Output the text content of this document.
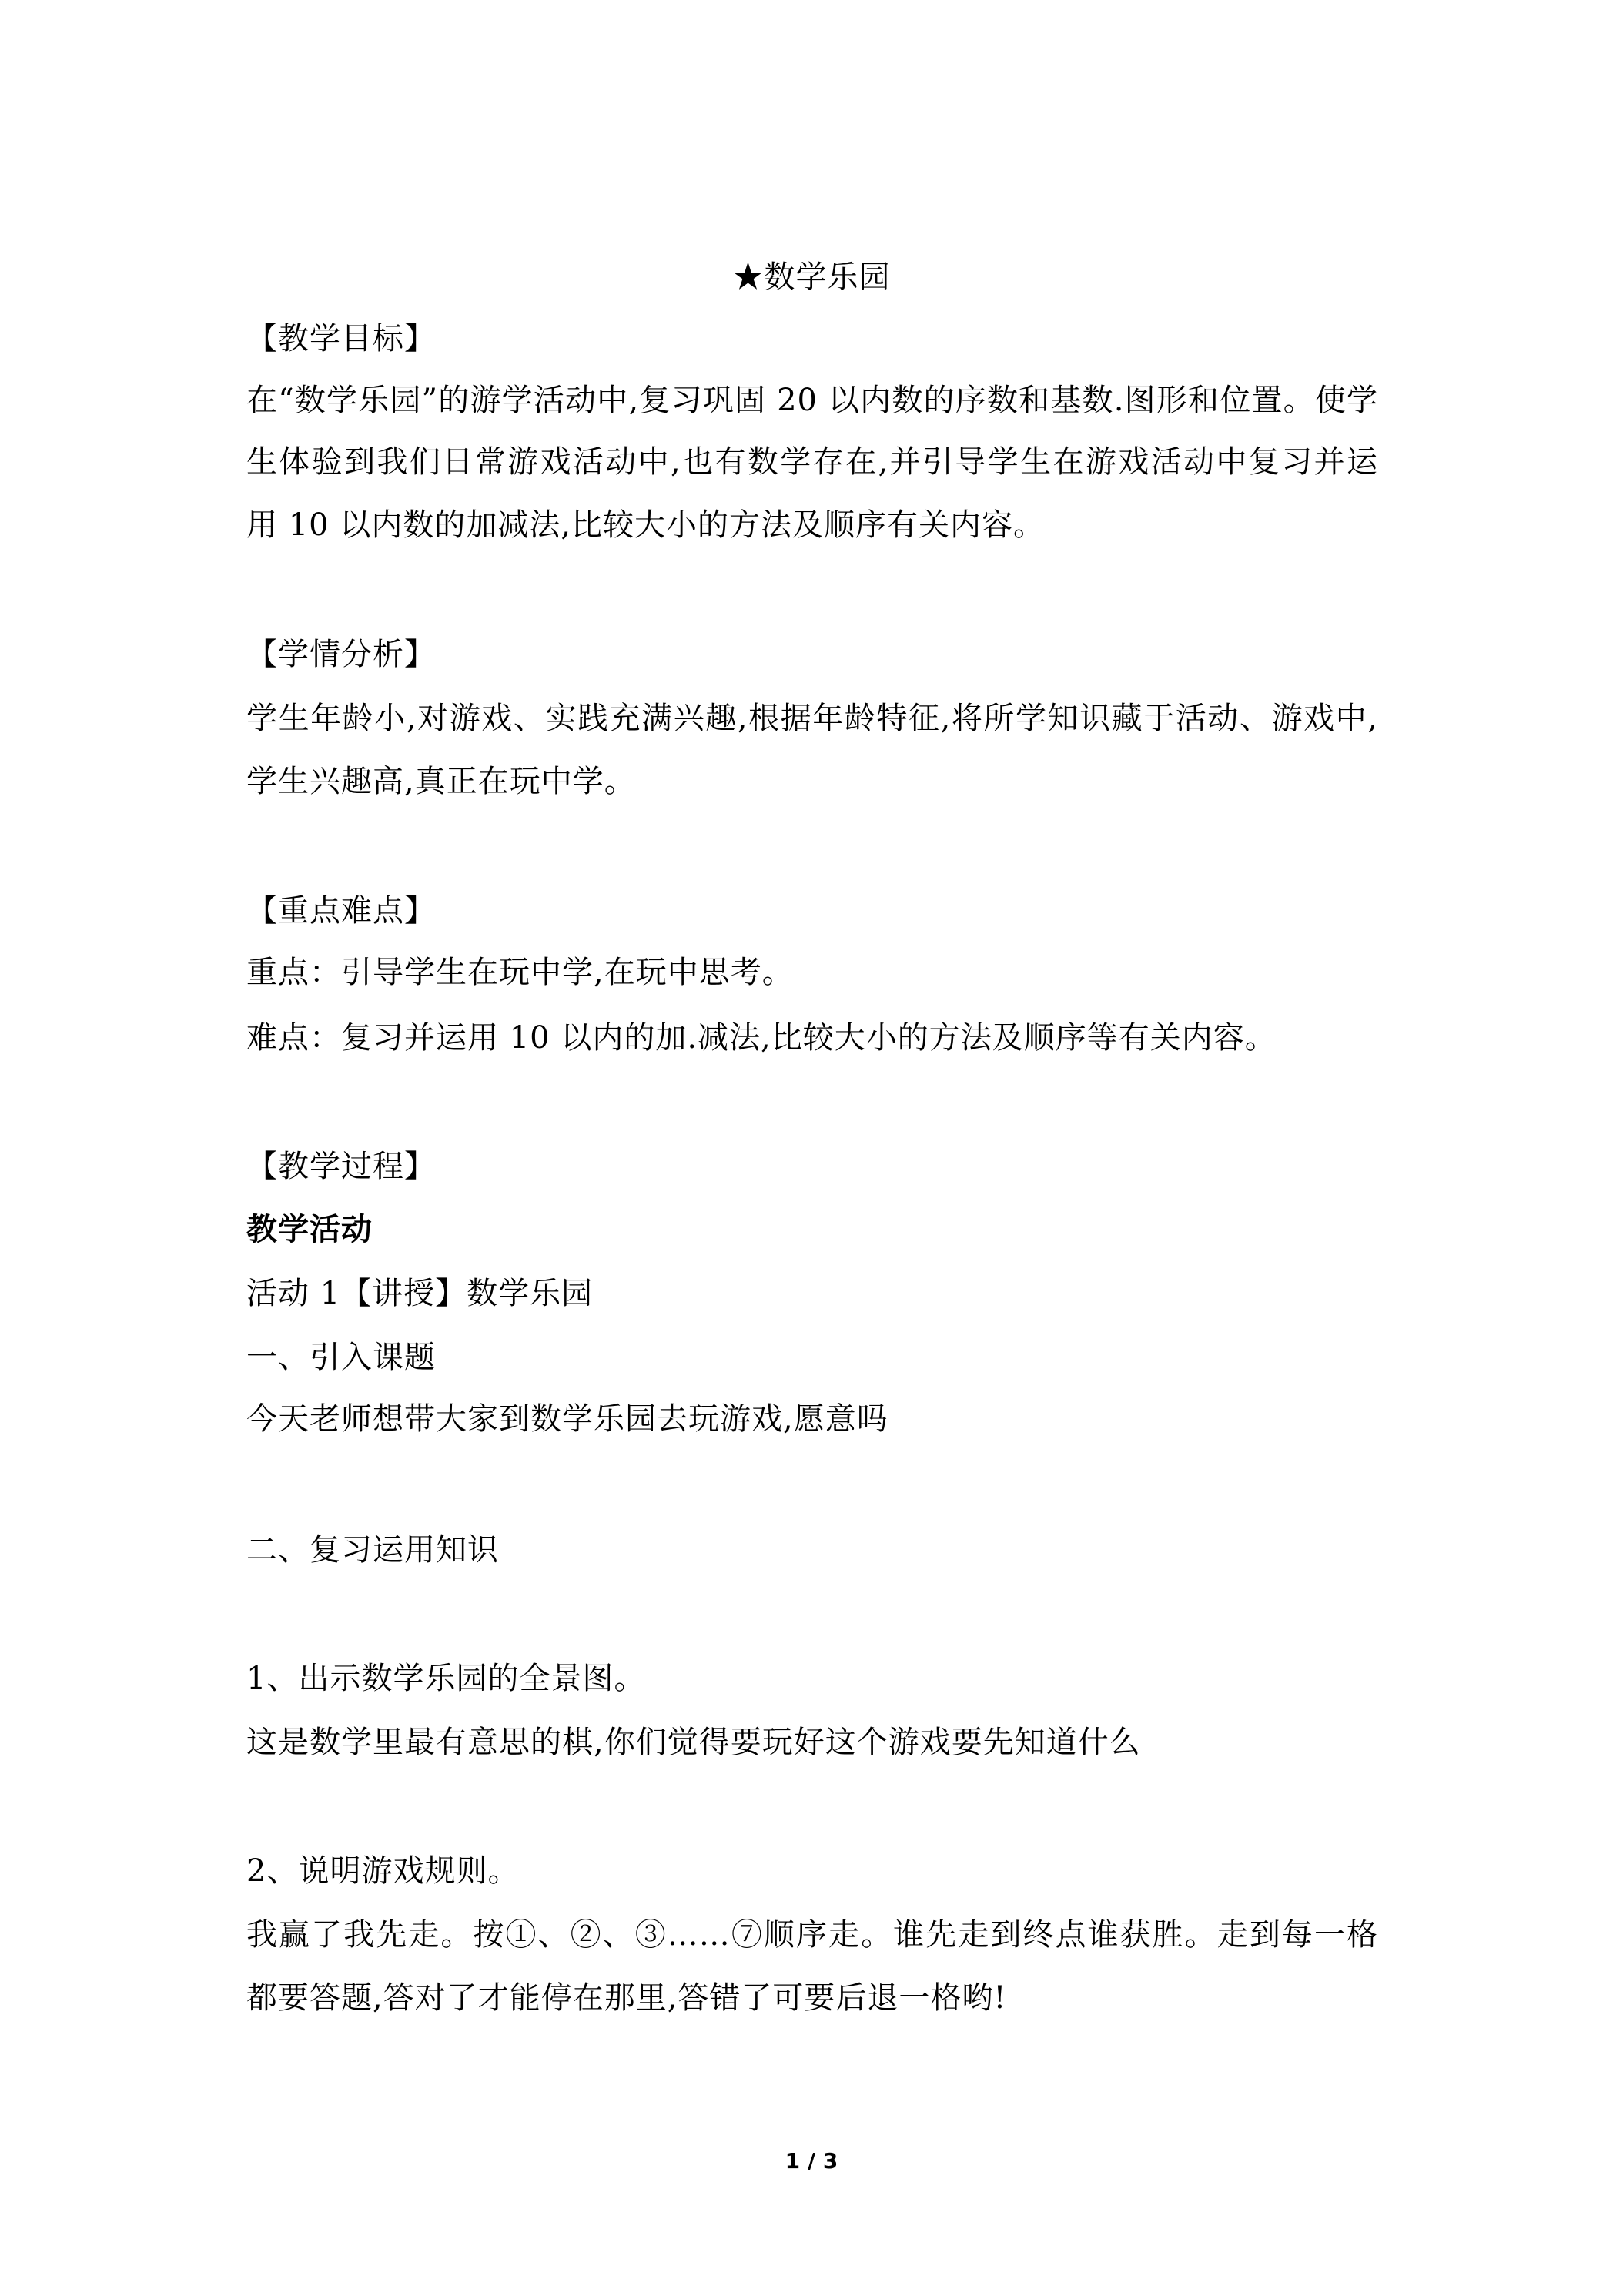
★数学乐园
【教学目标】
在“数学乐园”的游学活动中,复习巩固 20 以内数的序数和基数.图形和位置。使学
生体验到我们日常游戏活动中,也有数学存在,并引导学生在游戏活动中复习并运
用 10 以内数的加减法,比较大小的方法及顺序有关内容。
【学情分析】
学生年龄小,对游戏、实践充满兴趣,根据年龄特征,将所学知识藏于活动、游戏中,
学生兴趣高,真正在玩中学。
【重点难点】
重点：引导学生在玩中学,在玩中思考。
难点：复习并运用 10 以内的加.减法,比较大小的方法及顺序等有关内容。
【教学过程】
教学活动
活动 1【讲授】数学乐园
一、引入课题
今天老师想带大家到数学乐园去玩游戏,愿意吗
二、复习运用知识
1、出示数学乐园的全景图。
这是数学里最有意思的棋,你们觉得要玩好这个游戏要先知道什么
2、说明游戏规则。
我赢了我先走。按①、②、③……⑦顺序走。谁先走到终点谁获胜。走到每一格
都要答题,答对了才能停在那里,答错了可要后退一格哟!
1 / 3
